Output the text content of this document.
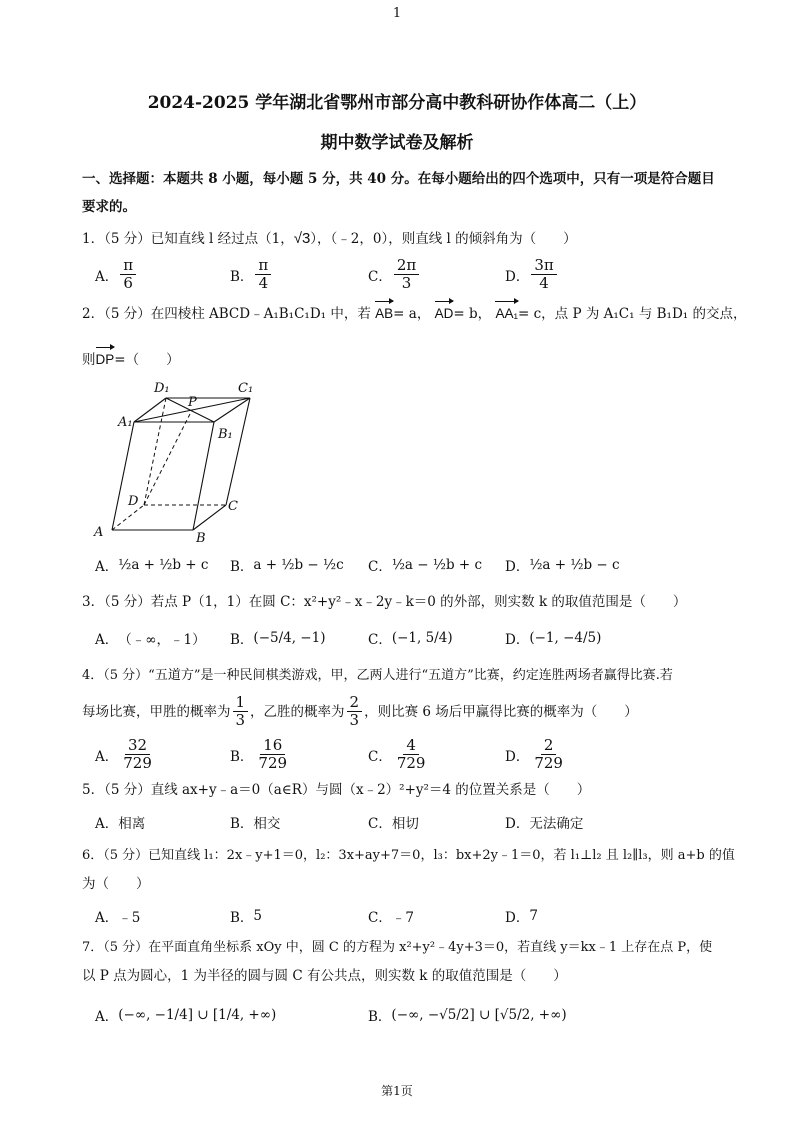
1
2024-2025 学年湖北省鄂州市部分高中教科研协作体高二（上）
期中数学试卷及解析
一、选择题：本题共 8 小题，每小题 5 分，共 40 分。在每小题给出的四个选项中，只有一项是符合题目要求的。
1．（5 分）已知直线 l 经过点（1，√3），（﹣2，0），则直线 l 的倾斜角为（　　）
A． $\frac{\pi}{6}$	B． $\frac{\pi}{4}$	C． $\frac{2\pi}{3}$	D． $\frac{3\pi}{4}$
2．（5 分）在四棱柱 ABCD﹣A₁B₁C₁D₁ 中，若 AB= a， AD= b， AA₁= c，点 P 为 A₁C₁ 与 B₁D₁ 的交点，
则DP=（　　）
D₁	C₁
A₁
B₁
P
D	C
A	B
A． ½a + ½b + c B． a + ½b − ½c C． ½a − ½b + c D． ½a + ½b − c
3．（5 分）若点 P（1，1）在圆 C：x²+y²﹣x﹣2y﹣k＝0 的外部，则实数 k 的取值范围是（　　）
A． （﹣∞，﹣1） B． (−5/4, −1)	C． (−1, 5/4)	D． (−1, −4/5)
4．（5 分）“五道方”是一种民间棋类游戏，甲，乙两人进行“五道方”比赛，约定连胜两场者赢得比赛.若
每场比赛，甲胜的概率为 $\frac{1}{3}$ ，乙胜的概率为 $\frac{2}{3}$ ，则比赛 6 场后甲赢得比赛的概率为（　　）
A． $\frac{32}{729}$	B． $\frac{16}{729}$	C． $\frac{4}{729}$	D． $\frac{2}{729}$
5．（5 分）直线 ax+y﹣a＝0（a∈R）与圆（x﹣2）²+y²＝4 的位置关系是（　　）
A． 相离	B． 相交	C． 相切	D． 无法确定
6．（5 分）已知直线 l₁：2x﹣y+1＝0，l₂：3x+ay+7＝0，l₃：bx+2y﹣1＝0，若 l₁⊥l₂ 且 l₂∥l₃，则 a+b 的值
为（　　）
A． ﹣5	B． 5	C． ﹣7	D． 7
7．（5 分）在平面直角坐标系 xOy 中，圆 C 的方程为 x²+y²﹣4y+3＝0，若直线 y＝kx﹣1 上存在点 P，使
以 P 点为圆心，1 为半径的圆与圆 C 有公共点，则实数 k 的取值范围是（　　）
A． (−∞, −1/4] ∪ [1/4, +∞)	B． (−∞, −√5/2] ∪ [√5/2, +∞)
第1页
